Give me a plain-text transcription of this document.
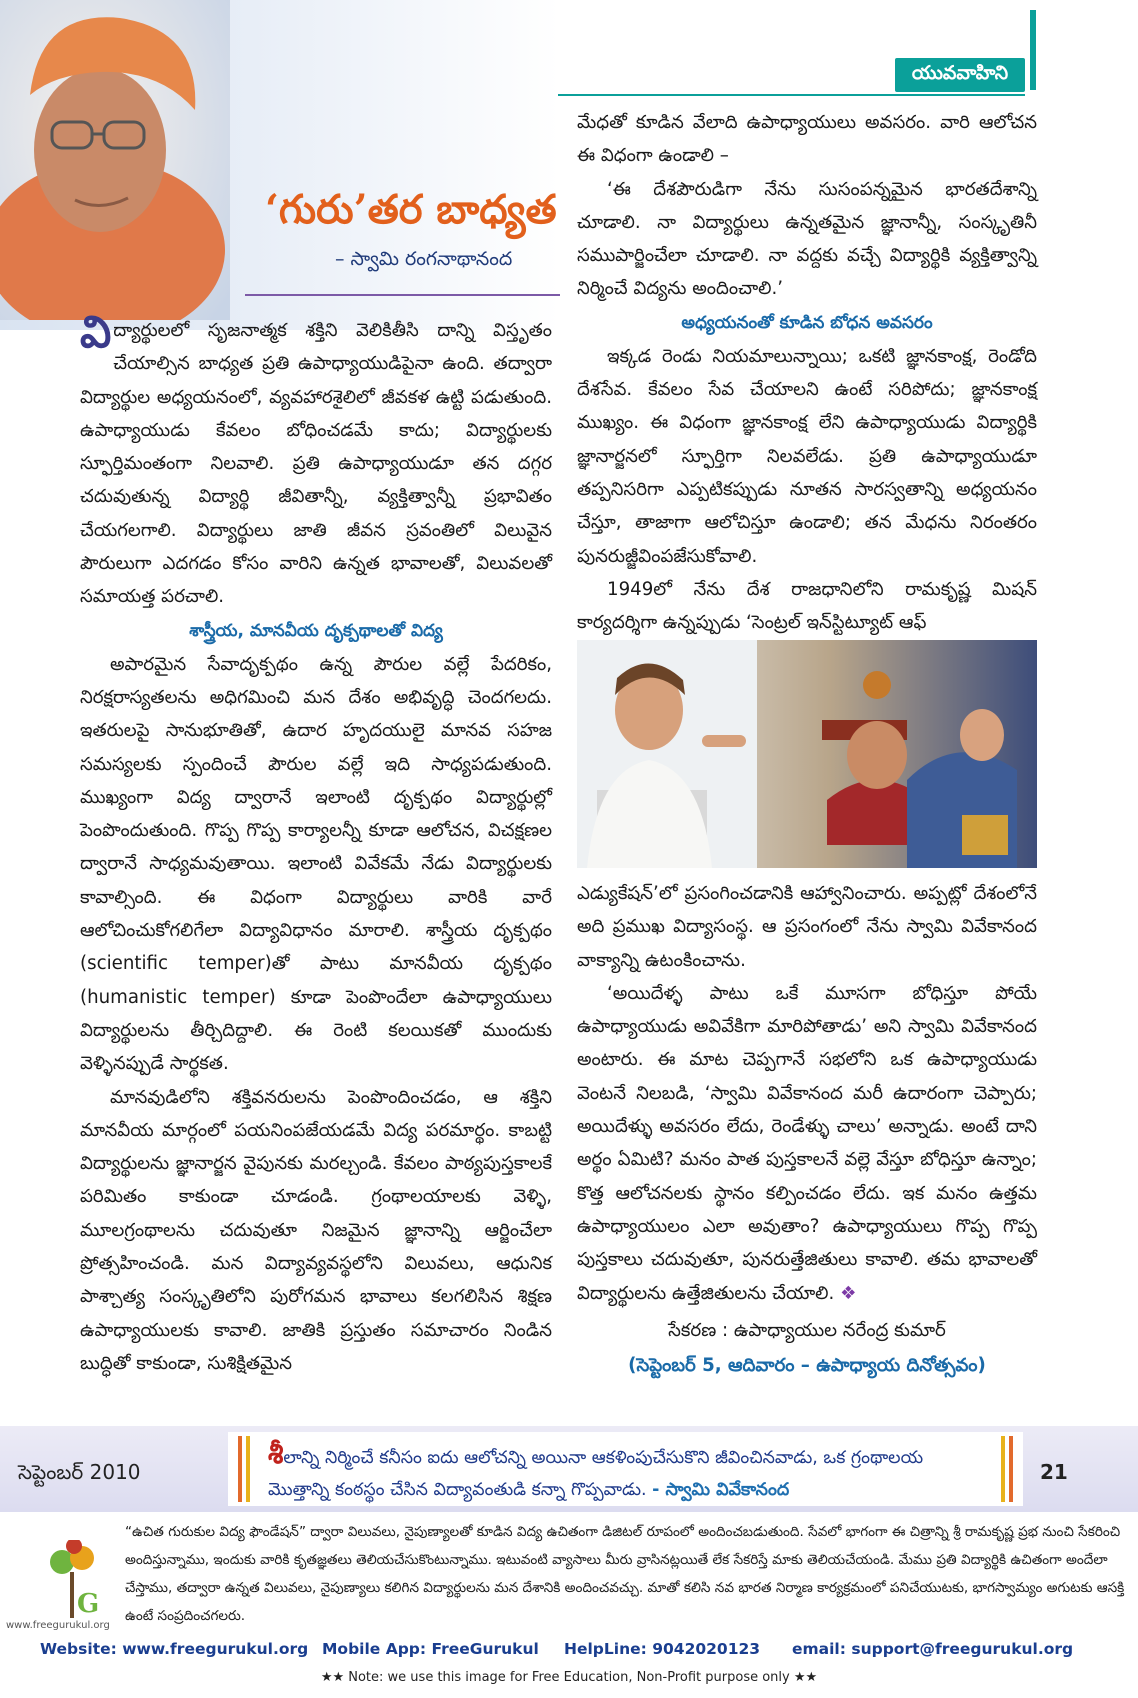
యువవాహిని
‘గురు’తర బాధ్యత
– స్వామి రంగనాథానంద

విద్యార్థులలో సృజనాత్మక శక్తిని వెలికితీసి దాన్ని విస్తృతం చేయాల్సిన బాధ్యత ప్రతి ఉపాధ్యాయుడిపైనా ఉంది. తద్వారా విద్యార్థుల అధ్యయనంలో, వ్యవహారశైలిలో జీవకళ ఉట్టి పడుతుంది. ఉపాధ్యాయుడు కేవలం బోధించడమే కాదు; విద్యార్థులకు స్ఫూర్తిమంతంగా నిలవాలి. ప్రతి ఉపాధ్యాయుడూ తన దగ్గర చదువుతున్న విద్యార్థి జీవితాన్నీ, వ్యక్తిత్వాన్నీ ప్రభావితం చేయగలగాలి. విద్యార్థులు జాతి జీవన స్రవంతిలో విలువైన పౌరులుగా ఎదగడం కోసం వారిని ఉన్నత భావాలతో, విలువలతో సమాయత్త పరచాలి.

శాస్త్రీయ, మానవీయ దృక్పథాలతో విద్య

అపారమైన సేవాదృక్పథం ఉన్న పౌరుల వల్లే పేదరికం, నిరక్షరాస్యతలను అధిగమించి మన దేశం అభివృద్ధి చెందగలదు. ఇతరులపై సానుభూతితో, ఉదార హృదయులై మానవ సహజ సమస్యలకు స్పందించే పౌరుల వల్లే ఇది సాధ్యపడుతుంది. ముఖ్యంగా విద్య ద్వారానే ఇలాంటి దృక్పథం విద్యార్థుల్లో పెంపొందుతుంది. గొప్ప గొప్ప కార్యాలన్నీ కూడా ఆలోచన, విచక్షణల ద్వారానే సాధ్యమవుతాయి. ఇలాంటి వివేకమే నేడు విద్యార్థులకు కావాల్సింది. ఈ విధంగా విద్యార్థులు వారికి వారే ఆలోచించుకోగలిగేలా విద్యావిధానం మారాలి. శాస్త్రీయ దృక్పథం (scientific temper)తో పాటు మానవీయ దృక్పథం (humanistic temper) కూడా పెంపొందేలా ఉపాధ్యాయులు విద్యార్థులను తీర్చిదిద్దాలి. ఈ రెంటి కలయికతో ముందుకు వెళ్ళినప్పుడే సార్థకత.

మానవుడిలోని శక్తివనరులను పెంపొందించడం, ఆ శక్తిని మానవీయ మార్గంలో పయనింపజేయడమే విద్య పరమార్థం. కాబట్టి విద్యార్థులను జ్ఞానార్జన వైపునకు మరల్చండి. కేవలం పాఠ్యపుస్తకాలకే పరిమితం కాకుండా చూడండి. గ్రంథాలయాలకు వెళ్ళి, మూలగ్రంథాలను చదువుతూ నిజమైన జ్ఞానాన్ని ఆర్జించేలా ప్రోత్సహించండి. మన విద్యావ్యవస్థలోని విలువలు, ఆధునిక పాశ్చాత్య సంస్కృతిలోని పురోగమన భావాలు కలగలిసిన శిక్షణ ఉపాధ్యాయులకు కావాలి. జాతికి ప్రస్తుతం సమాచారం నిండిన బుద్ధితో కాకుండా, సుశిక్షితమైన

మేధతో కూడిన వేలాది ఉపాధ్యాయులు అవసరం. వారి ఆలోచన ఈ విధంగా ఉండాలి –

‘ఈ దేశపౌరుడిగా నేను సుసంపన్నమైన భారతదేశాన్ని చూడాలి. నా విద్యార్థులు ఉన్నతమైన జ్ఞానాన్నీ, సంస్కృతినీ సముపార్జించేలా చూడాలి. నా వద్దకు వచ్చే విద్యార్థికి వ్యక్తిత్వాన్ని నిర్మించే విద్యను అందించాలి.’

అధ్యయనంతో కూడిన బోధన అవసరం

ఇక్కడ రెండు నియమాలున్నాయి; ఒకటి జ్ఞానకాంక్ష, రెండోది దేశసేవ. కేవలం సేవ చేయాలని ఉంటే సరిపోదు; జ్ఞానకాంక్ష ముఖ్యం. ఈ విధంగా జ్ఞానకాంక్ష లేని ఉపాధ్యాయుడు విద్యార్థికి జ్ఞానార్జనలో స్ఫూర్తిగా నిలవలేడు. ప్రతి ఉపాధ్యాయుడూ తప్పనిసరిగా ఎప్పటికప్పుడు నూతన సారస్వతాన్ని అధ్యయనం చేస్తూ, తాజాగా ఆలోచిస్తూ ఉండాలి; తన మేధను నిరంతరం పునరుజ్జీవింపజేసుకోవాలి.

1949లో నేను దేశ రాజధానిలోని రామకృష్ణ మిషన్ కార్యదర్శిగా ఉన్నప్పుడు ‘సెంట్రల్ ఇన్‌స్టిట్యూట్ ఆఫ్

ఎడ్యుకేషన్’లో ప్రసంగించడానికి ఆహ్వానించారు. అప్పట్లో దేశంలోనే అది ప్రముఖ విద్యాసంస్థ. ఆ ప్రసంగంలో నేను స్వామి వివేకానంద వాక్యాన్ని ఉటంకించాను.

‘అయిదేళ్ళ పాటు ఒకే మూసగా బోధిస్తూ పోయే ఉపాధ్యాయుడు అవివేకిగా మారిపోతాడు’ అని స్వామి వివేకానంద అంటారు. ఈ మాట చెప్పగానే సభలోని ఒక ఉపాధ్యాయుడు వెంటనే నిలబడి, ‘స్వామి వివేకానంద మరీ ఉదారంగా చెప్పారు; అయిదేళ్ళు అవసరం లేదు, రెండేళ్ళు చాలు’ అన్నాడు. అంటే దాని అర్థం ఏమిటి? మనం పాత పుస్తకాలనే వల్లె వేస్తూ బోధిస్తూ ఉన్నాం; కొత్త ఆలోచనలకు స్థానం కల్పించడం లేదు. ఇక మనం ఉత్తమ ఉపాధ్యాయులం ఎలా అవుతాం? ఉపాధ్యాయులు గొప్ప గొప్ప పుస్తకాలు చదువుతూ, పునరుత్తేజితులు కావాలి. తమ భావాలతో విద్యార్థులను ఉత్తేజితులను చేయాలి. ❖

సేకరణ : ఉపాధ్యాయుల నరేంద్ర కుమార్
(సెప్టెంబర్ 5, ఆదివారం – ఉపాధ్యాయ దినోత్సవం)
సెప్టెంబర్ 2010
శీలాన్ని నిర్మించే కనీసం ఐదు ఆలోచన్ని అయినా ఆకళింపుచేసుకొని జీవించినవాడు, ఒక గ్రంథాలయ మొత్తాన్ని కంఠస్థం చేసిన విద్యావంతుడి కన్నా గొప్పవాడు. - స్వామి వివేకానంద
21
G
www.freegurukul.org
“ఉచిత గురుకుల విద్య ఫౌండేషన్” ద్వారా విలువలు, నైపుణ్యాలతో కూడిన విద్య ఉచితంగా డిజిటల్ రూపంలో అందించబడుతుంది. సేవలో భాగంగా ఈ చిత్రాన్ని శ్రీ రామకృష్ణ ప్రభ నుంచి సేకరించి అందిస్తున్నాము, ఇందుకు వారికి కృతజ్ఞతలు తెలియచేసుకొంటున్నాము. ఇటువంటి వ్యాసాలు మీరు వ్రాసినట్లయితే లేక సేకరిస్తే మాకు తెలియచేయండి. మేము ప్రతి విద్యార్థికి ఉచితంగా అందేలా చేస్తాము, తద్వారా ఉన్నత విలువలు, నైపుణ్యాలు కలిగిన విద్యార్థులను మన దేశానికి అందించవచ్చు. మాతో కలిసి నవ భారత నిర్మాణ కార్యక్రమంలో పనిచేయుటకు, భాగస్వామ్యం అగుటకు ఆసక్తి ఉంటే సంప్రదించగలరు.
Website: www.freegurukul.org Mobile App: FreeGurukul HelpLine: 9042020123 email: support@freegurukul.org
★★ Note: we use this image for Free Education, Non-Profit purpose only ★★
